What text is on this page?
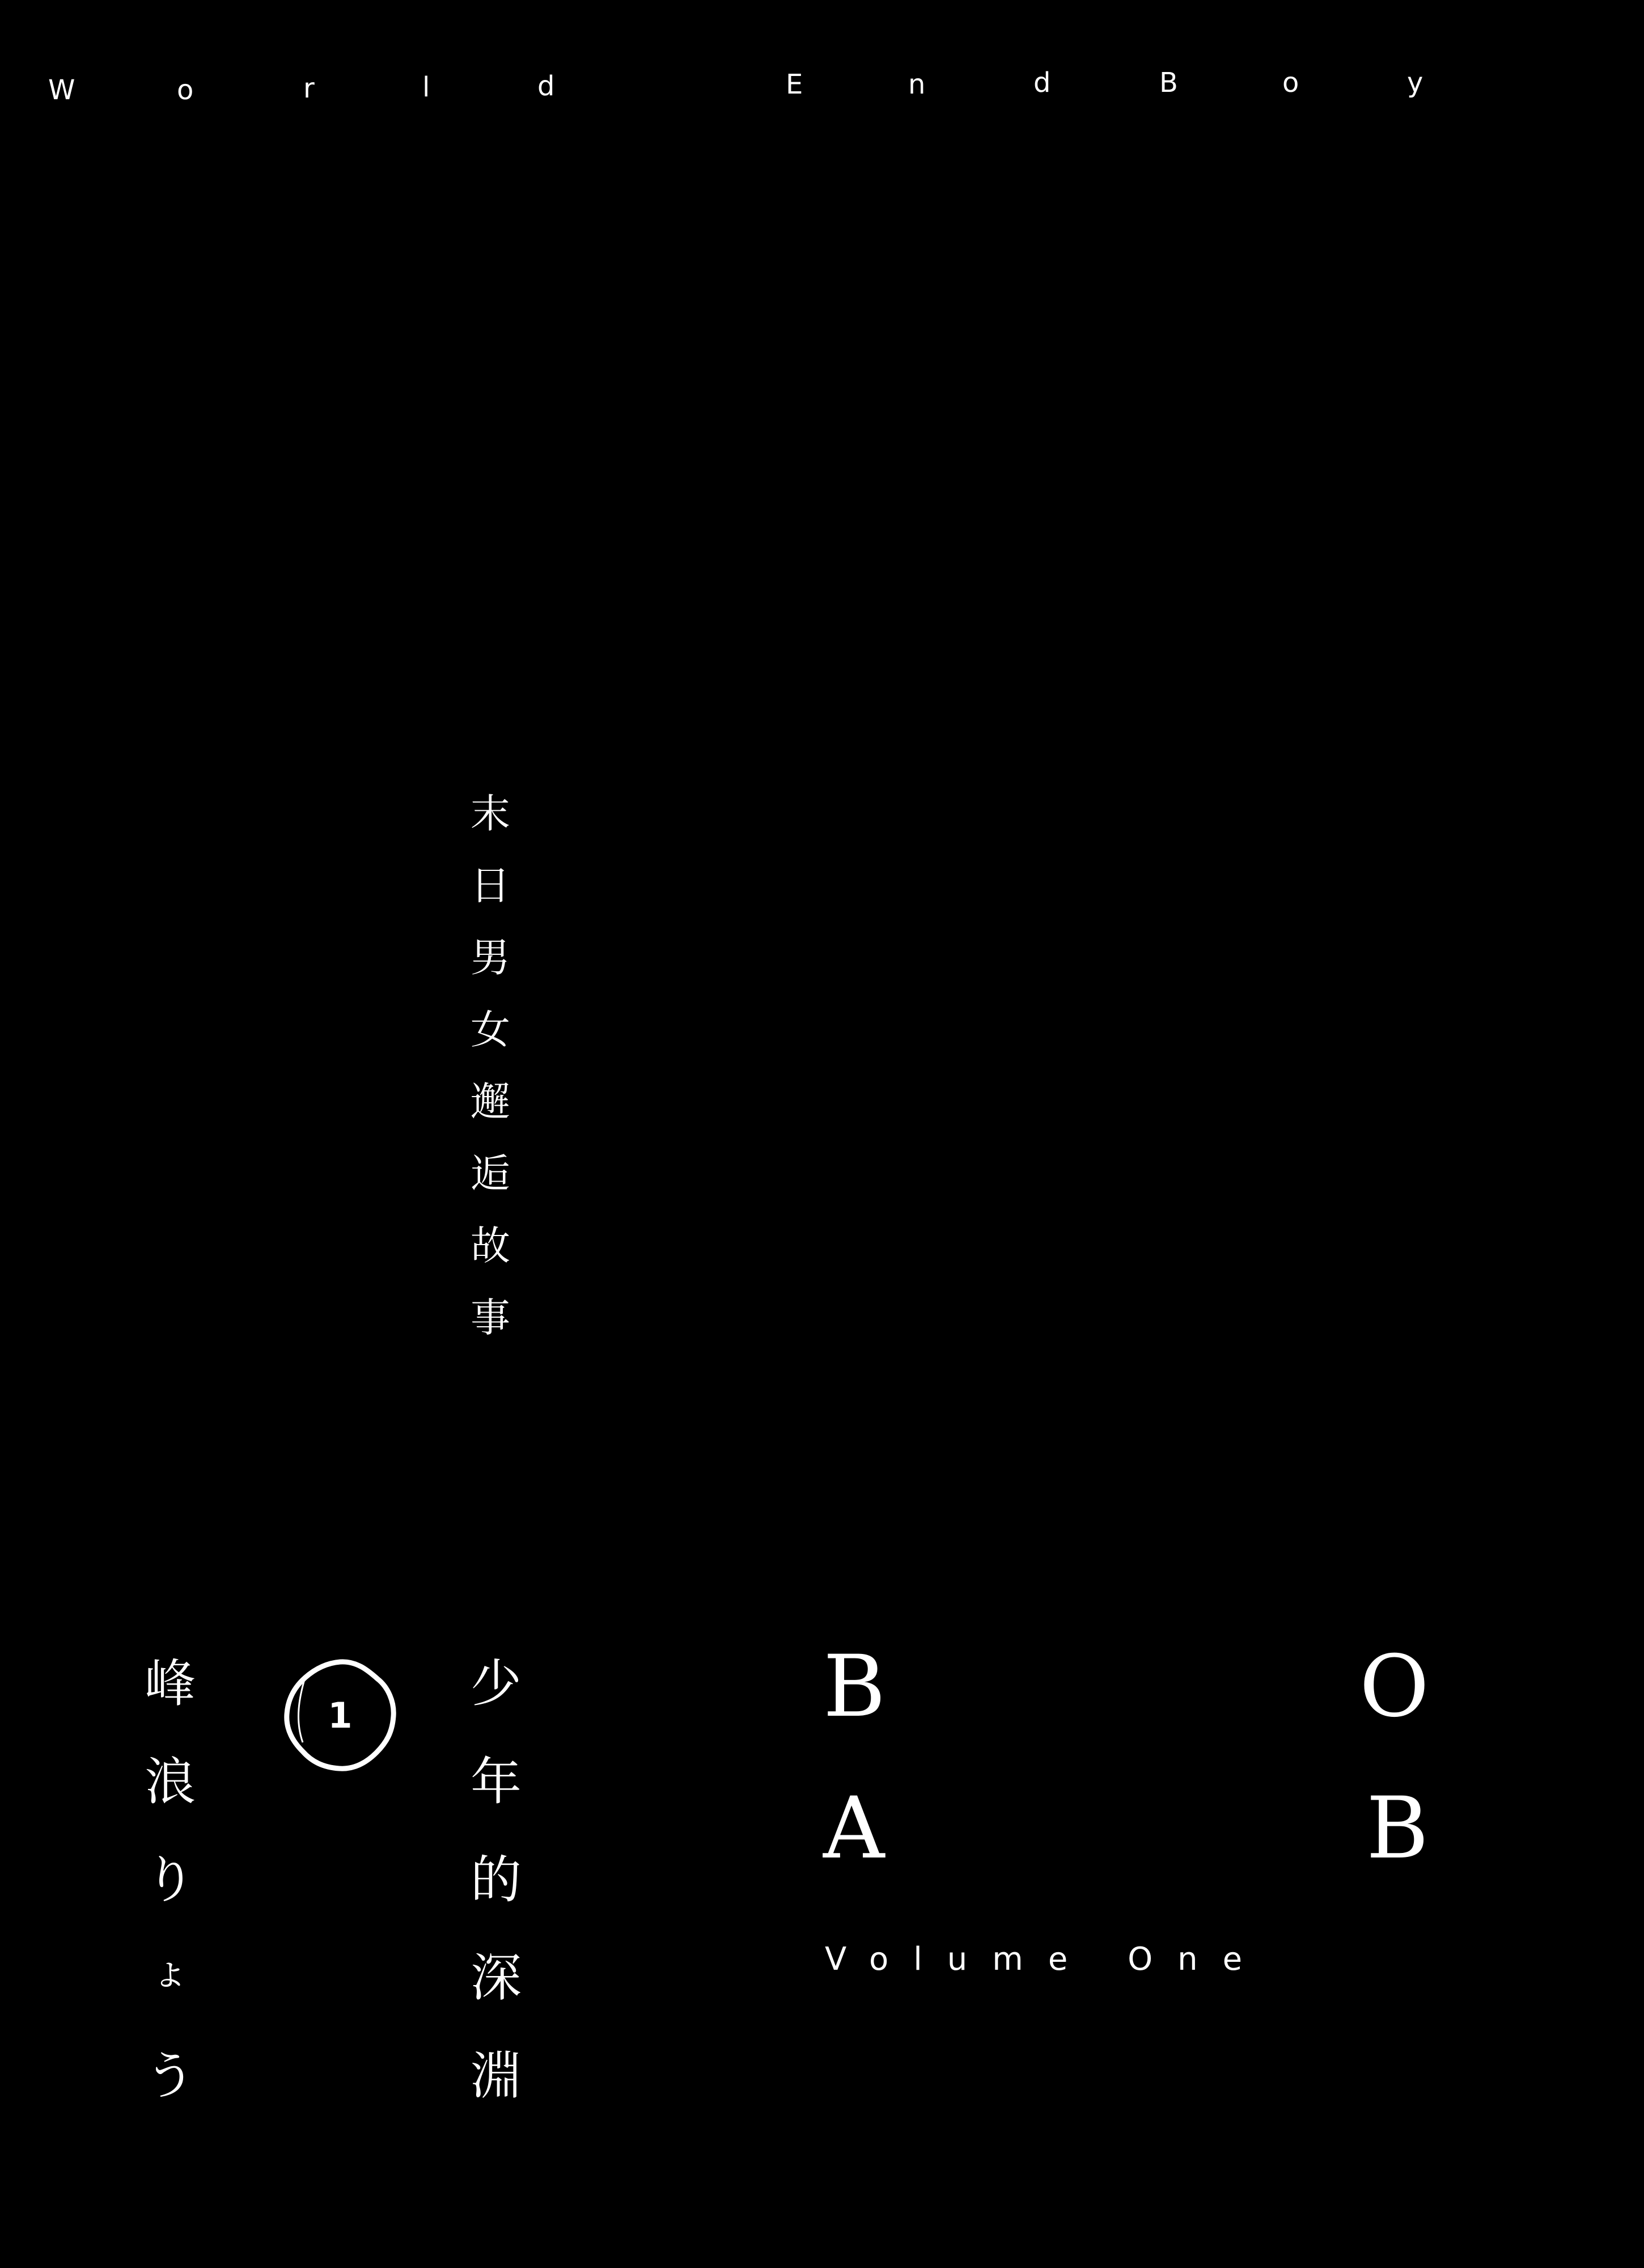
W	o	r	l	d	E	n	d	B	o	y
末
日
男
女
邂
逅
故
事
峰
浪
り
ょ
う
1
少
年
的
深
淵
B	O
A	B
Volume One
